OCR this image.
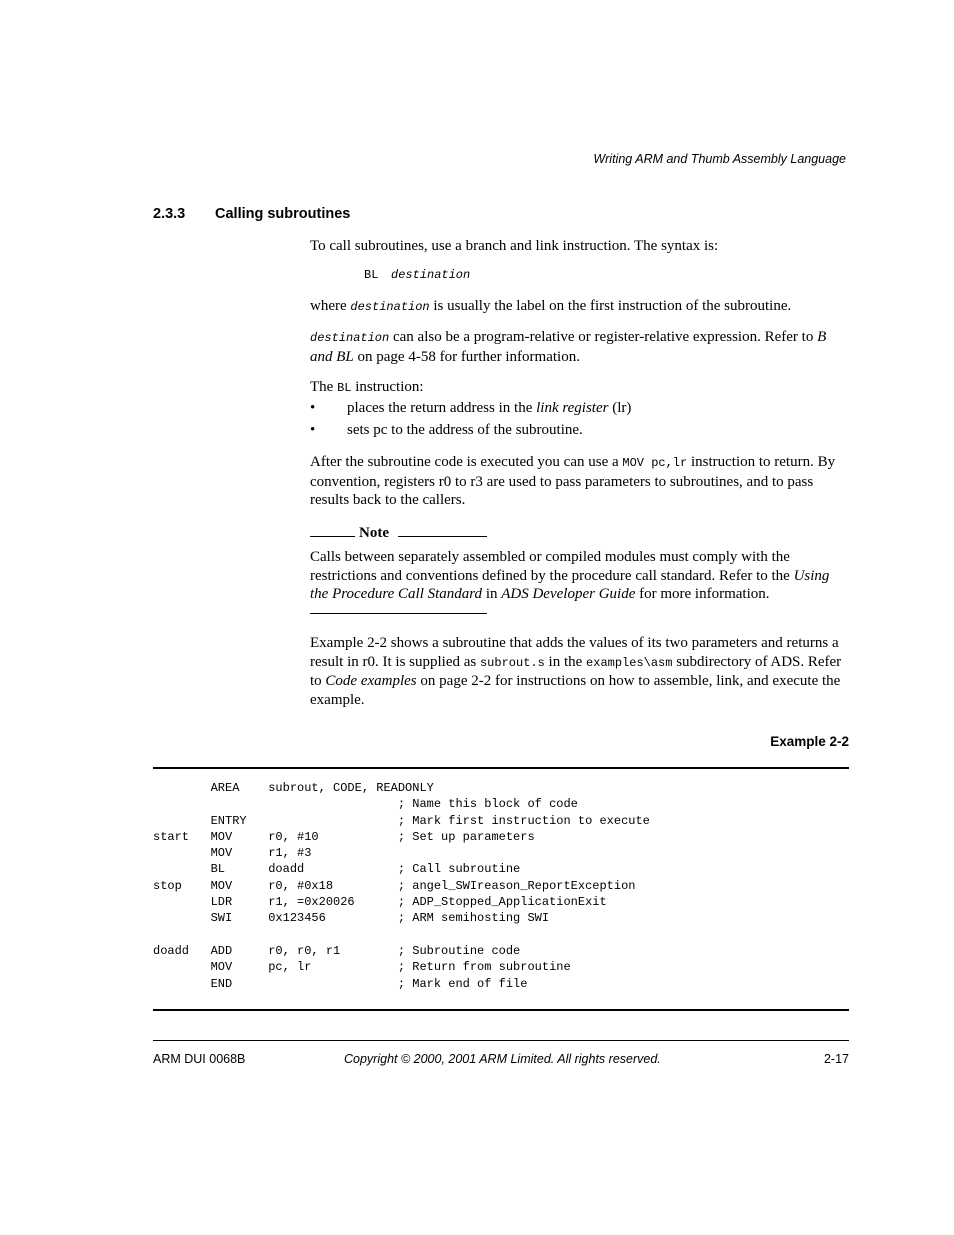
Writing ARM and Thumb Assembly Language
2.3.3 Calling subroutines
To call subroutines, use a branch and link instruction. The syntax is:
BL destination
where destination is usually the label on the first instruction of the subroutine.
destination can also be a program-relative or register-relative expression. Refer to B and BL on page 4-58 for further information.
The BL instruction:
• places the return address in the link register (lr)
• sets pc to the address of the subroutine.
After the subroutine code is executed you can use a MOV pc,lr instruction to return. By convention, registers r0 to r3 are used to pass parameters to subroutines, and to pass results back to the callers.
Note
Calls between separately assembled or compiled modules must comply with the restrictions and conventions defined by the procedure call standard. Refer to the Using the Procedure Call Standard in ADS Developer Guide for more information.
Example 2-2 shows a subroutine that adds the values of its two parameters and returns a result in r0. It is supplied as subrout.s in the examples\asm subdirectory of ADS. Refer to Code examples on page 2-2 for instructions on how to assemble, link, and execute the example.
Example 2-2
AREA    subrout, CODE, READONLY
; Name this block of code
ENTRY                     ; Mark first instruction to execute
start   MOV     r0, #10           ; Set up parameters
MOV     r1, #3
BL      doadd             ; Call subroutine
stop    MOV     r0, #0x18         ; angel_SWIreason_ReportException
LDR     r1, =0x20026      ; ADP_Stopped_ApplicationExit
SWI     0x123456          ; ARM semihosting SWI

doadd   ADD     r0, r0, r1        ; Subroutine code
MOV     pc, lr            ; Return from subroutine
END                       ; Mark end of file
ARM DUI 0068B	Copyright © 2000, 2001 ARM Limited. All rights reserved.	2-17
